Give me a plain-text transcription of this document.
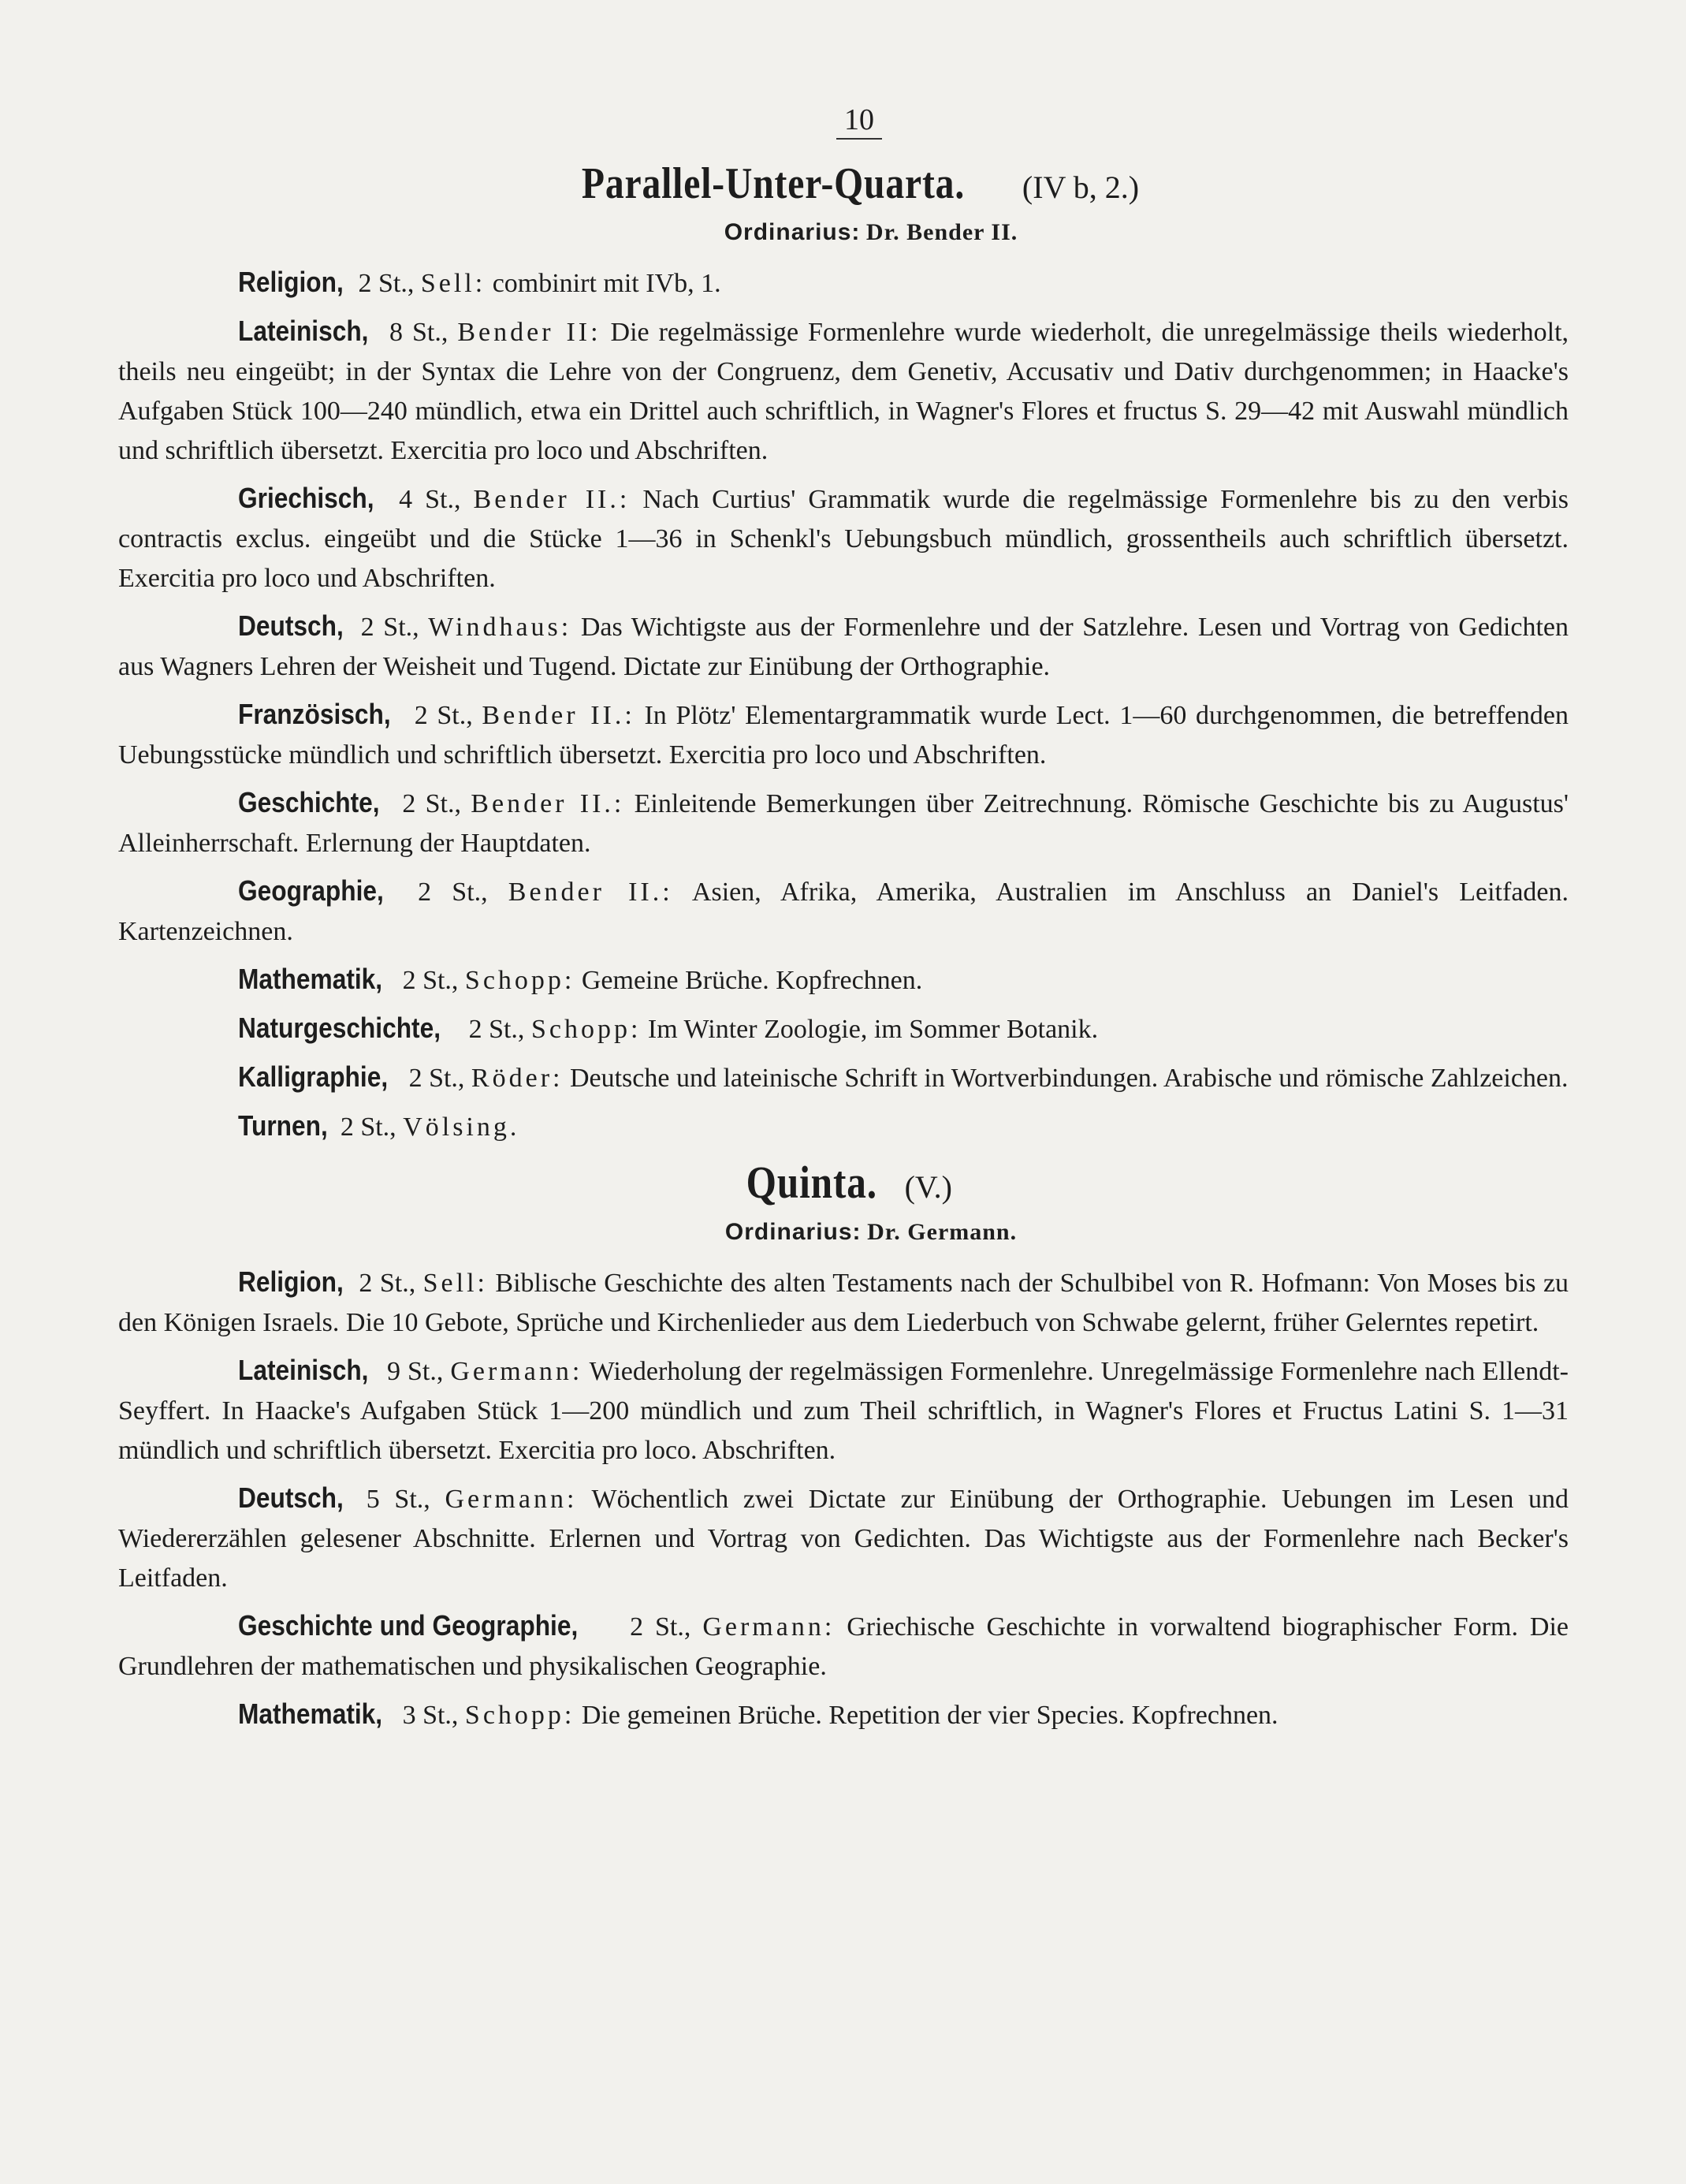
10
Parallel-Unter-Quarta. (IV b, 2.)
Ordinarius: Dr. Bender II.
Religion, 2 St., Sell: combinirt mit IVb, 1.
Lateinisch, 8 St., Bender II: Die regelmässige Formenlehre wurde wiederholt, die unregelmässige theils wiederholt, theils neu eingeübt; in der Syntax die Lehre von der Congruenz, dem Genetiv, Accusativ und Dativ durchgenommen; in Haacke's Aufgaben Stück 100—240 mündlich, etwa ein Drittel auch schriftlich, in Wagner's Flores et fructus S. 29—42 mit Auswahl mündlich und schriftlich übersetzt. Exercitia pro loco und Abschriften.
Griechisch, 4 St., Bender II.: Nach Curtius' Grammatik wurde die regelmässige Formenlehre bis zu den verbis contractis exclus. eingeübt und die Stücke 1—36 in Schenkl's Uebungsbuch mündlich, grossentheils auch schriftlich übersetzt. Exercitia pro loco und Abschriften.
Deutsch, 2 St., Windhaus: Das Wichtigste aus der Formenlehre und der Satzlehre. Lesen und Vortrag von Gedichten aus Wagners Lehren der Weisheit und Tugend. Dictate zur Einübung der Orthographie.
Französisch, 2 St., Bender II.: In Plötz' Elementargrammatik wurde Lect. 1—60 durchgenommen, die betreffenden Uebungsstücke mündlich und schriftlich übersetzt. Exercitia pro loco und Abschriften.
Geschichte, 2 St., Bender II.: Einleitende Bemerkungen über Zeitrechnung. Römische Geschichte bis zu Augustus' Alleinherrschaft. Erlernung der Hauptdaten.
Geographie, 2 St., Bender II.: Asien, Afrika, Amerika, Australien im Anschluss an Daniel's Leitfaden. Kartenzeichnen.
Mathematik, 2 St., Schopp: Gemeine Brüche. Kopfrechnen.
Naturgeschichte, 2 St., Schopp: Im Winter Zoologie, im Sommer Botanik.
Kalligraphie, 2 St., Röder: Deutsche und lateinische Schrift in Wortverbindungen. Arabische und römische Zahlzeichen.
Turnen, 2 St., Völsing.
Quinta. (V.)
Ordinarius: Dr. Germann.
Religion, 2 St., Sell: Biblische Geschichte des alten Testaments nach der Schulbibel von R. Hofmann: Von Moses bis zu den Königen Israels. Die 10 Gebote, Sprüche und Kirchenlieder aus dem Liederbuch von Schwabe gelernt, früher Gelerntes repetirt.
Lateinisch, 9 St., Germann: Wiederholung der regelmässigen Formenlehre. Unregelmässige Formenlehre nach Ellendt-Seyffert. In Haacke's Aufgaben Stück 1—200 mündlich und zum Theil schriftlich, in Wagner's Flores et Fructus Latini S. 1—31 mündlich und schriftlich übersetzt. Exercitia pro loco. Abschriften.
Deutsch, 5 St., Germann: Wöchentlich zwei Dictate zur Einübung der Orthographie. Uebungen im Lesen und Wiedererzählen gelesener Abschnitte. Erlernen und Vortrag von Gedichten. Das Wichtigste aus der Formenlehre nach Becker's Leitfaden.
Geschichte und Geographie, 2 St., Germann: Griechische Geschichte in vorwaltend biographischer Form. Die Grundlehren der mathematischen und physikalischen Geographie.
Mathematik, 3 St., Schopp: Die gemeinen Brüche. Repetition der vier Species. Kopfrechnen.
